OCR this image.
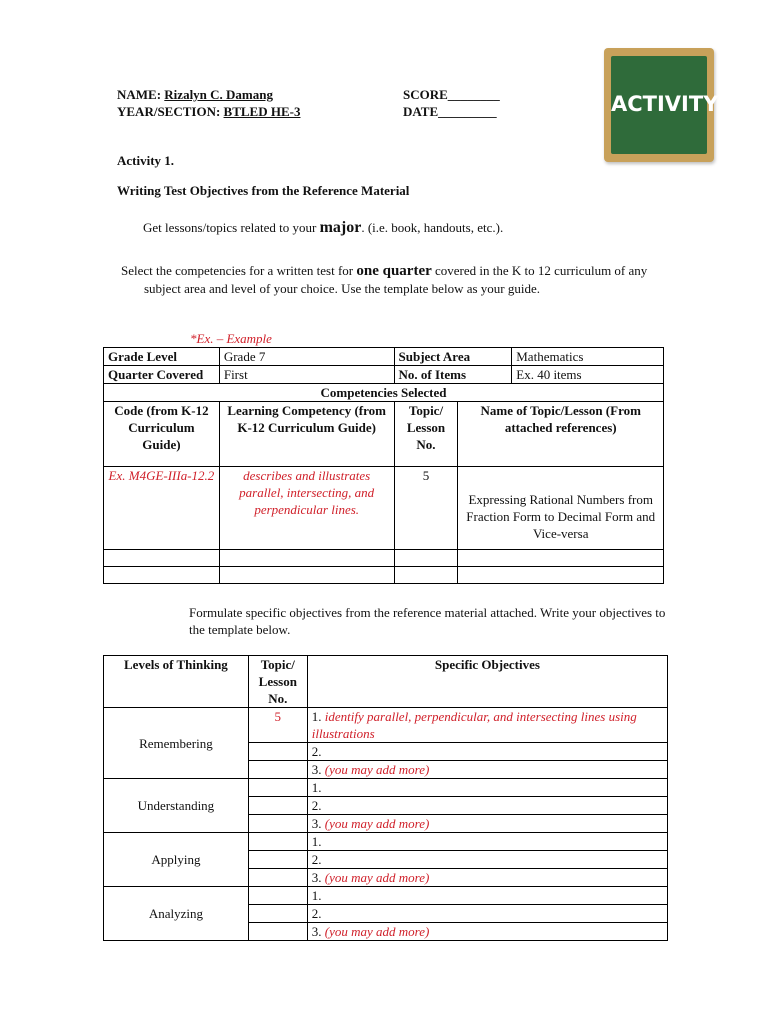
NAME: Rizalyn C. Damang
YEAR/SECTION: BTLED HE-3
SCORE________
DATE_________	ACTIVITY
Activity 1.
Writing Test Objectives from the Reference Material
Get lessons/topics related to your major. (i.e. book, handouts, etc.).
Select the competencies for a written test for one quarter covered in the K to 12 curriculum of any subject area and level of your choice. Use the template below as your guide.
*Ex. – Example
Grade Level	Grade 7	Subject Area		Mathematics
Quarter Covered	First	No. of Items		Ex. 40 items
Competencies Selected				
Code (from K-12 Curriculum Guide)	Learning Competency (from K-12 Curriculum Guide)	Topic/ Lesson No.	Name of Topic/Lesson (From attached references)	
Ex. M4GE-IIIa-12.2	describes and illustrates parallel, intersecting, and perpendicular lines.	5	Expressing Rational Numbers from Fraction Form to Decimal Form and Vice-versa	

Formulate specific objectives from the reference material attached. Write your objectives to the template below.
Levels of Thinking	Topic/ Lesson No.	Specific Objectives
Remembering	5	1. identify parallel, perpendicular, and intersecting lines using illustrations
		2.
		3. (you may add more)
Understanding		1.
		2.
		3. (you may add more)
Applying		1.
		2.
		3. (you may add more)
Analyzing		1.
		2.
		3. (you may add more)
